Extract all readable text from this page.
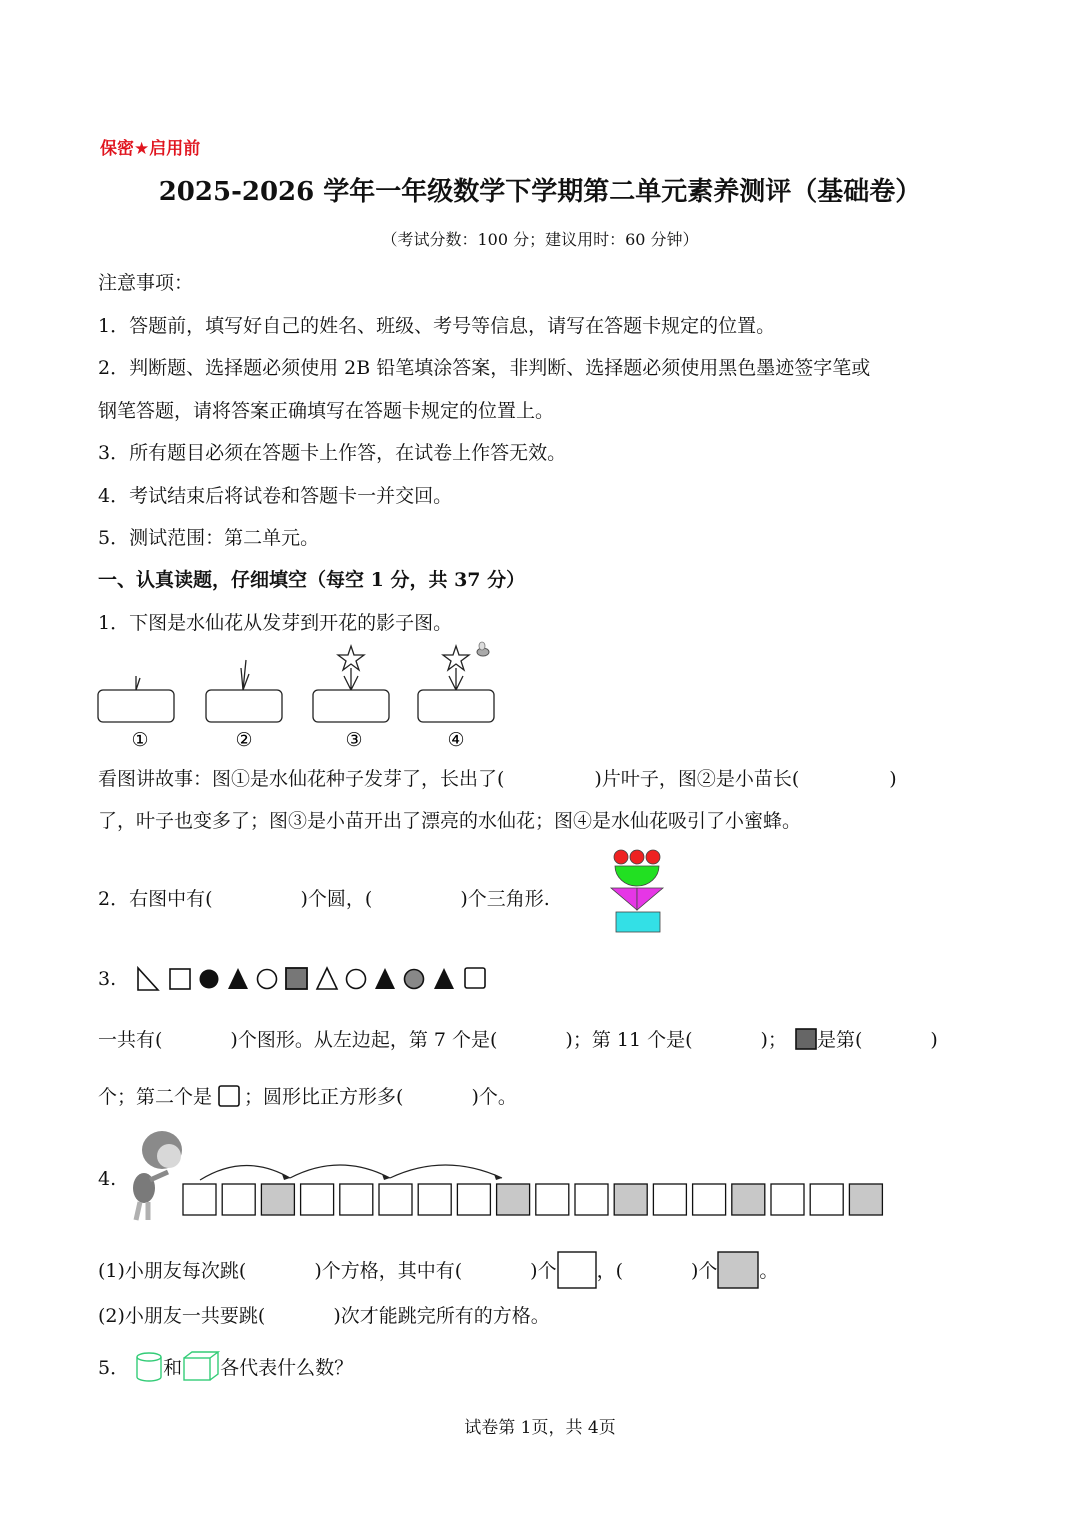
保密★启用前
2025-2026 学年一年级数学下学期第二单元素养测评（基础卷）
（考试分数：100 分；建议用时：60 分钟）
注意事项：
1．答题前，填写好自己的姓名、班级、考号等信息，请写在答题卡规定的位置。
2．判断题、选择题必须使用 2B 铅笔填涂答案，非判断、选择题必须使用黑色墨迹签字笔或
钢笔答题，请将答案正确填写在答题卡规定的位置上。
3．所有题目必须在答题卡上作答，在试卷上作答无效。
4．考试结束后将试卷和答题卡一并交回。
5．测试范围：第二单元。
一、认真读题，仔细填空（每空 1 分，共 37 分）
1．下图是水仙花从发芽到开花的影子图。
①	②	③	④
看图讲故事：图①是水仙花种子发芽了，长出了(	)片叶子，图②是小苗长(	)
了，叶子也变多了；图③是小苗开出了漂亮的水仙花；图④是水仙花吸引了小蜜蜂。
2．右图中有(	)个圆，(	)个三角形.
3.
一共有(	)个图形。从左边起，第 7 个是(	)；第 11 个是(	)； 是第(	)
个；第二个是 ；圆形比正方形多(	)个。
4.
(1)小朋友每次跳(	)个方格，其中有(	)个 ，(	)个 。
(2)小朋友一共要跳(	)次才能跳完所有的方格。
5． 和 各代表什么数？
试卷第 1页，共 4页
